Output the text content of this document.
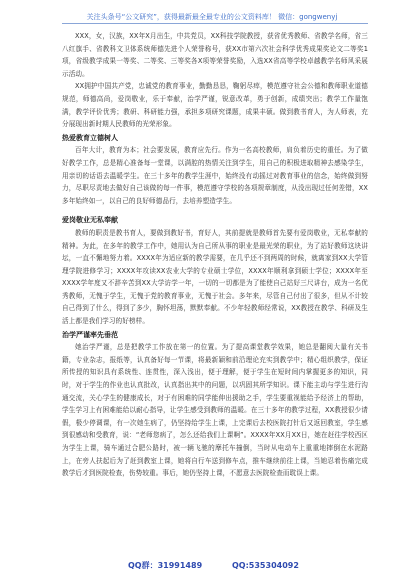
关注头条号“公文研究”，获得最新最全最专业的公文资料库！ 微信：gongwenyj

XXX，女，汉族，XX年X月出生，中共党员，XX科技学院教授，获省优秀教师、省教学名师，省三八红旗手、省教科文卫体系统师德先进个人荣誉称号，获XX市第六次社会科学优秀成果奖论文二等奖1项，省级教学成果一等奖、二等奖、三等奖各X项等荣誉奖励，入选XX省高等学校卓越教学名师风采展示活动。

XX拥护中国共产党，忠诚党的教育事业，勤勤恳恳，鞠躬尽瘁，模范遵守社会公德和教师职业道德规范，师德高尚，爱岗敬业，乐于奉献，治学严谨，锐意改革，勇于创新，成绩突出；教学工作量饱满，教学评价优秀；教研、科研能力强，承担多项研究课题，成果丰硕。做到教书育人，为人师表，充分展现出新时期人民教师的光荣形象。

热爱教育立德树人

百年大计，教育为本；社会要发展，教育应先行。作为一名高校教师，肩负着历史的重任。为了做好教学工作，总是精心准备每一堂课，以满腔的热情关注到学生，用自己的积极进取精神去感染学生，用亲切的话语去温暖学生。在三十多年的教学生涯中，始终没有动摇过对教育事业的信念，始终做到努力，尽职尽责地去做好自己该做的每一件事，模范遵守学校的各项规章制度，从没出现过任何差错，XX多年始终如一，以自己的良好师德品行，去培养塑造学生。

爱岗敬业无私奉献

教师的职责是教书育人，要做到教好书，育好人，其前提就是教师首先要有爱岗敬业，无私奉献的精神。为此，在多年的教学工作中，她用认为自己所从事的职业是最光荣的职业，为了站好教师这块讲坛，一直不懈地努力着。XXXX年为适应新的教学需要，在几乎还不到两周的时候，就离家到XX大学管理学院进修学习；XXXX年攻读XX农业大学的专业硕士学位，XXXX年顺利拿到硕士学位；XXXX年至XXXX学年度又不辞辛苦到XX大学访学一年，一切的一切都是为了能使自己站好三尺讲台，成为一名优秀教师，无愧于学生，无愧于党的教育事业，无愧于社会。多年来，尽管自己付出了很多，但从不计较自己得到了什么，得到了多少，胸怀坦荡，默默奉献。不少年轻教师经常说，XX教授在教学、科研及生活上都是我们学习的好榜样。

治学严谨率先垂范

她治学严谨，总是把教学工作放在第一的位置。为了提高课堂教学效果，她总是翻阅大量有关书籍，专业杂志，报纸等，认真备好每一节课，将最新颖和前沿理论充实到教学中；精心组织教学，保证所传授的知识具有系统性、连贯性，深入浅出，便于理解，便于学生在短时间内掌握更多的知识，同时，对于学生的作业也认真批改，认真指出其中的问题，以巩固其所学知识。课下能主动与学生进行沟通交流，关心学生的健康成长，对于有困难的同学能伸出援助之手，学生要重视能给予经济上的帮助，学生学习上有困难能给以耐心指导，让学生感受到教师的温暖。在三十多年的教学过程，XX教授很少请假，极少停调课，有一次她生病了，仍坚持给学生上课，上完课后去校医院打针后又返回教室，学生感到很感动和受教育，说：“老师您病了，怎么还给我们上课啊”。XXXX年XX月XX日，她在赶往学校西区为学生上课，骑车通过合肥公路时，被一辆飞驰的摩托车撞倒，当时从电动车上重重地摔倒在水泥路上，在旁人扶起后为了赶到教室上课，她将自行车送到修车点，推车继续前往上课，当她忍着伤痛完成教学后才到医院检查，伤势较重。事后，她仍坚持上课，不愿意去医院检查而耽误上课。

QQ群：31991489	QQ:535304092
